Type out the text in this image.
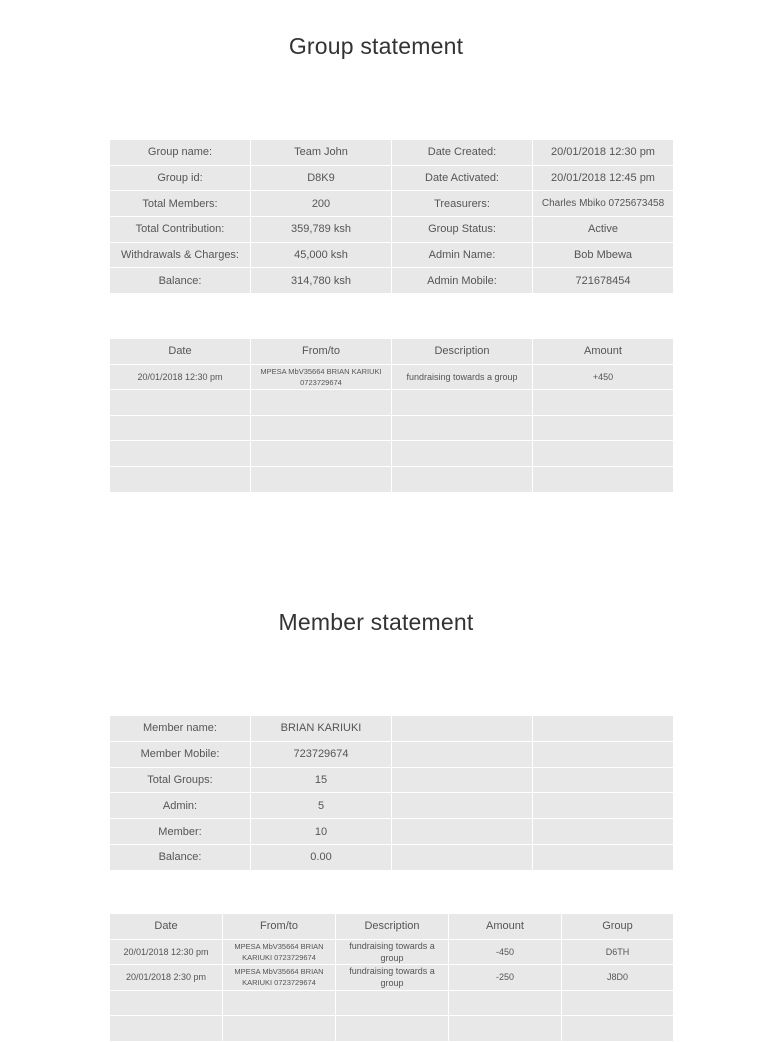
Group statement
Group name:	Team John	Date Created:	20/01/2018 12:30 pm
Group id:	D8K9	Date Activated:	20/01/2018 12:45 pm
Total Members:	200	Treasurers:	Charles Mbiko 0725673458
Total Contribution:	359,789 ksh	Group Status:	Active
Withdrawals & Charges:	45,000 ksh	Admin Name:	Bob Mbewa
Balance:	314,780 ksh	Admin Mobile:	721678454
Date	From/to	Description	Amount
20/01/2018 12:30 pm	MPESA MbV35664 BRIAN KARIUKI 0723729674	fundraising towards a group	+450

Member statement
Member name:	BRIAN KARIUKI		
Member Mobile:	723729674		
Total Groups:	15		
Admin:	5		
Member:	10		
Balance:	0.00		
Date	From/to	Description	Amount	Group
20/01/2018 12:30 pm	MPESA MbV35664 BRIAN KARIUKI 0723729674	fundraising towards a group	-450	D6TH
20/01/2018 2:30 pm	MPESA MbV35664 BRIAN KARIUKI 0723729674	fundraising towards a group	-250	J8D0
